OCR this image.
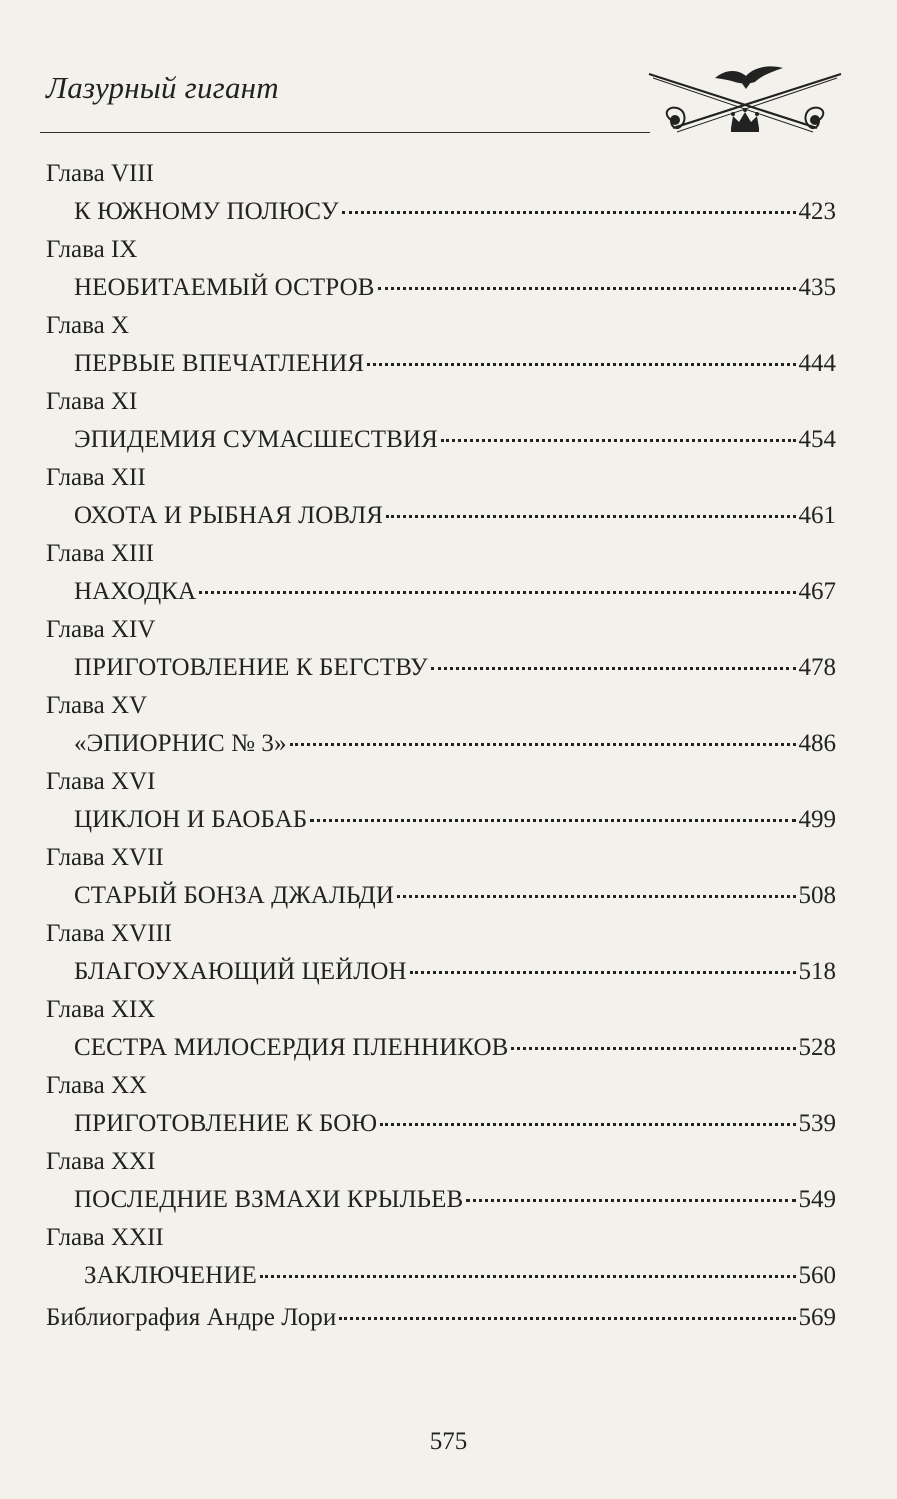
Лазурный гигант
Глава VIII
К ЮЖНОМУ ПОЛЮСУ	423
Глава IX
НЕОБИТАЕМЫЙ ОСТРОВ	435
Глава X
ПЕРВЫЕ ВПЕЧАТЛЕНИЯ	444
Глава XI
ЭПИДЕМИЯ СУМАСШЕСТВИЯ	454
Глава XII
ОХОТА И РЫБНАЯ ЛОВЛЯ	461
Глава XIII
НАХОДКА	467
Глава XIV
ПРИГОТОВЛЕНИЕ К БЕГСТВУ	478
Глава XV
«ЭПИОРНИС № 3»	486
Глава XVI
ЦИКЛОН И БАОБАБ	499
Глава XVII
СТАРЫЙ БОНЗА ДЖАЛЬДИ	508
Глава XVIII
БЛАГОУХАЮЩИЙ ЦЕЙЛОН	518
Глава XIX
СЕСТРА МИЛОСЕРДИЯ ПЛЕННИКОВ	528
Глава XX
ПРИГОТОВЛЕНИЕ К БОЮ	539
Глава XXI
ПОСЛЕДНИЕ ВЗМАХИ КРЫЛЬЕВ	549
Глава XXII
ЗАКЛЮЧЕНИЕ	560
Библиография Андре Лори	569
575
